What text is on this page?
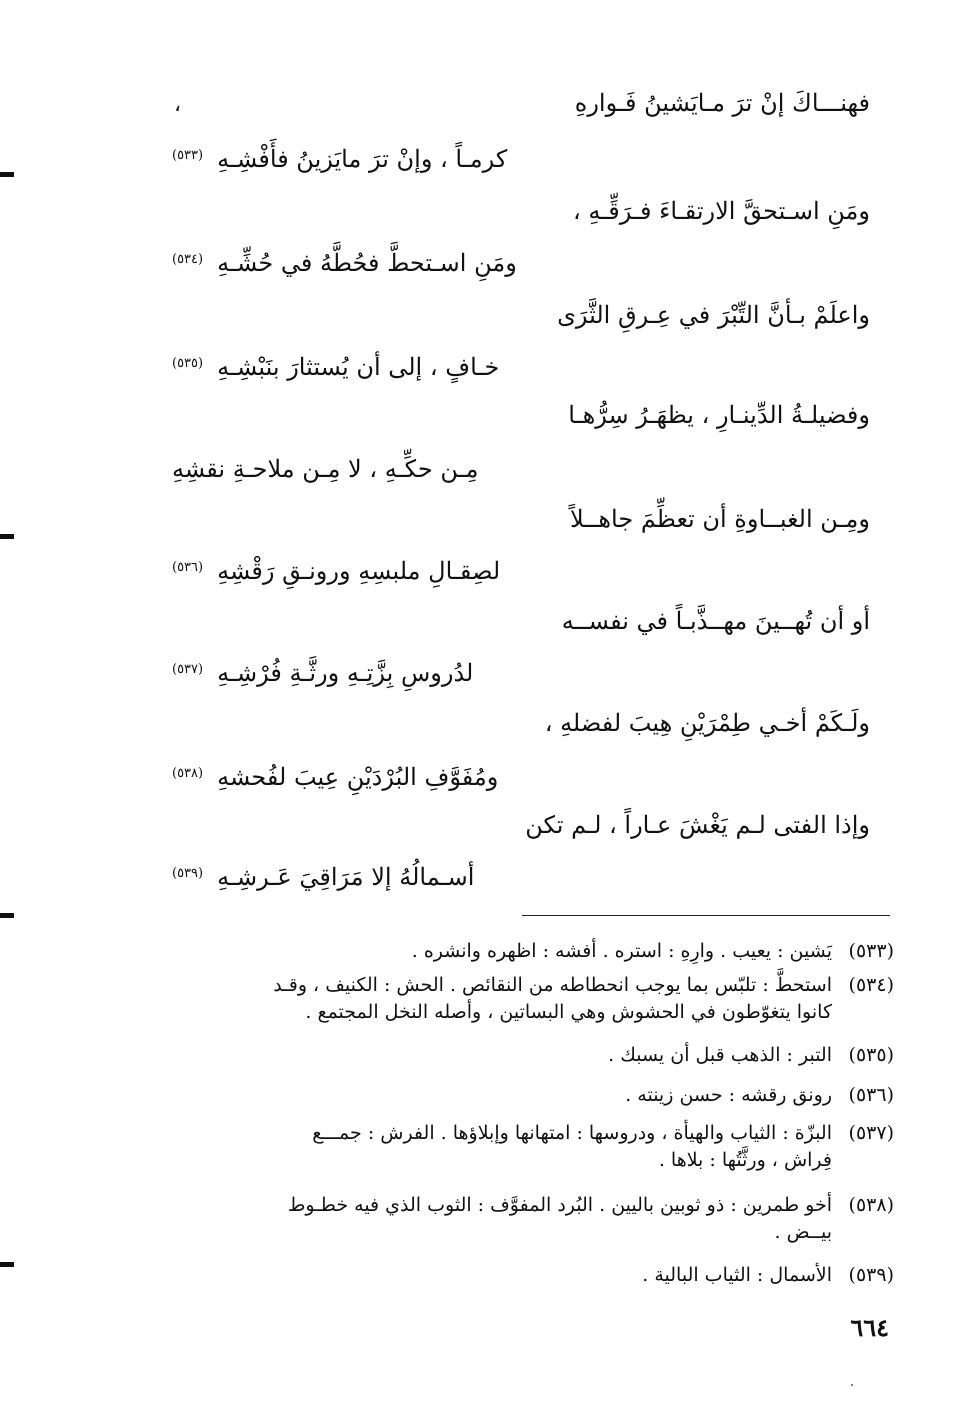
،	فهنـــاكَ إنْ ترَ مـايَشينُ فَـوارهِ
كرمـاً ، وإنْ ترَ مايَزينُ فأَفْشِـهِ$^{(٥٣٣)}$
ومَنِ اسـتحقَّ الارتقـاءَ فـرَقِّـهِ ،
ومَنِ اسـتحطَّ فحُطَّهُ في حُشِّـهِ$^{(٥٣٤)}$
واعلَمْ بـأنَّ التِّبْرَ في عِـرقِ الثَّرَى
خـافٍ ، إلى أن يُستثارَ بنَبْشِـهِ$^{(٥٣٥)}$
وفضيلـةُ الدِّينـارِ ، يظهَـرُ سِرُّهـا
مِـن حكِّـهِ ، لا مِـن ملاحـةِ نقشِهِ
ومِـن الغبــاوةِ أن تعظِّمَ جاهــلاً
لصِقـالِ ملبسِهِ ورونـقِ رَقْشِهِ$^{(٥٣٦)}$
أو أن تُهــينَ مهــذَّبـاً في نفســه
لدُروسِ بِزَّتِـهِ ورثَّـةِ فُرْشِـهِ$^{(٥٣٧)}$
ولَـكَمْ أخـي طِمْرَيْنِ هِيبَ لفضلهِ ،
ومُفَوَّفِ البُرْدَيْنِ عِيبَ لفُحشهِ$^{(٥٣٨)}$
وإذا الفتى لـم يَغْشَ عـاراً ، لـم تكن
أسـمالُهُ إلا مَرَاقِيَ عَـرشِـهِ$^{(٥٣٩)}$
(٥٣٣)يَشين : يعيب . وارِهِ : استره . أفشه : اظهره وانشره .
(٥٣٤)استحطَّ : تلبّس بما يوجب انحطاطه من النقائص . الحش : الكنيف ، وقـد
كانوا يتغوّطون في الحشوش وهي البساتين ، وأصله النخل المجتمع .
(٥٣٥)التبر : الذهب قبل أن يسبك .
(٥٣٦)رونق رقشه : حسن زينته .
(٥٣٧)البزّة : الثياب والهيأة ، ودروسها : امتهانها وإبلاؤها . الفرش : جمـــع
فِراش ، ورثَّتُها : بلاها .
(٥٣٨)أخو طمرين : ذو ثوبين باليين . البُرد المفوَّف : الثوب الذي فيه خطـوط
بيــض .
(٥٣٩)الأسمال : الثياب البالية .
٦٦٤
